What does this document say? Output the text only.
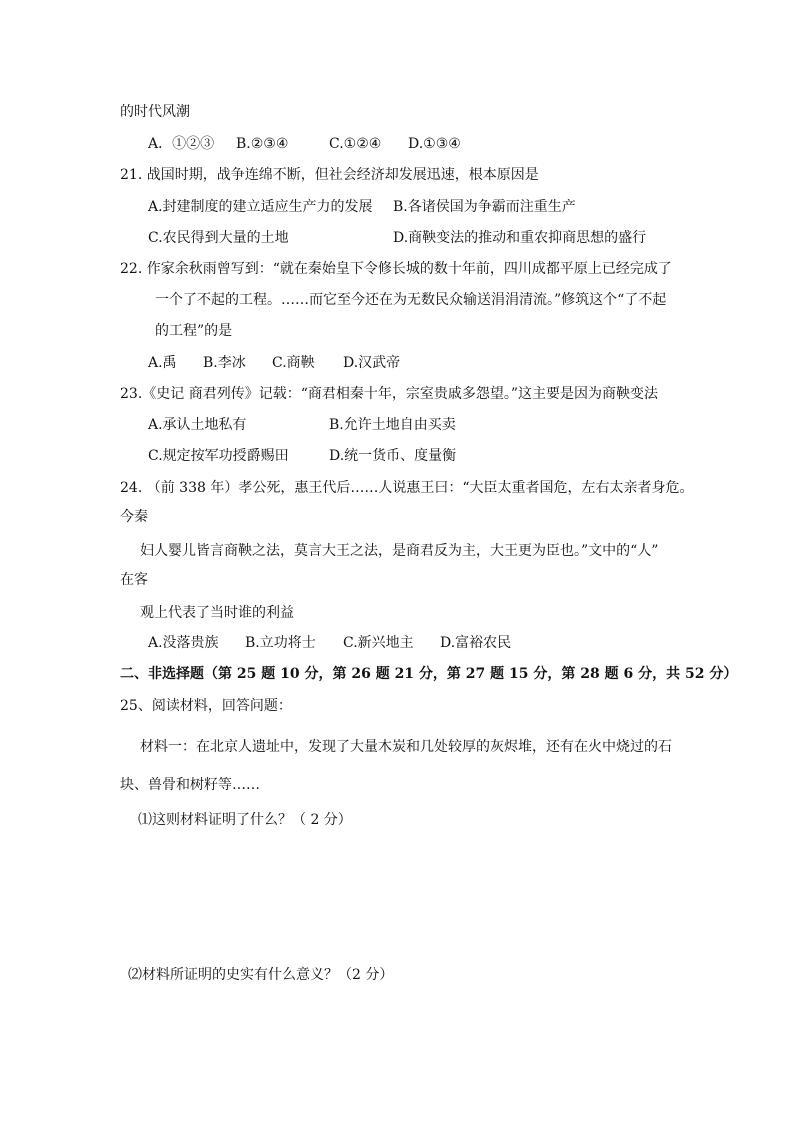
的时代风潮
A．①②③ B.②③④	C.①②④ D.①③④
21. 战国时期，战争连绵不断，但社会经济却发展迅速，根本原因是
A.封建制度的建立适应生产力的发展 B.各诸侯国为争霸而注重生产
C.农民得到大量的土地	D.商鞅变法的推动和重农抑商思想的盛行
22. 作家余秋雨曾写到：“就在秦始皇下令修长城的数十年前，四川成都平原上已经完成了
一个了不起的工程。……而它至今还在为无数民众输送涓涓清流。”修筑这个“了不起
的工程”的是
A.禹 B.李冰 C.商鞅 D.汉武帝
23.《史记 商君列传》记载：“商君相秦十年，宗室贵戚多怨望。”这主要是因为商鞅变法
A.承认土地私有	B.允许土地自由买卖
C.规定按军功授爵赐田	D.统一货币、度量衡
24. （前 338 年）孝公死，惠王代后……人说惠王曰：“大臣太重者国危，左右太亲者身危。
今秦
妇人婴儿皆言商鞅之法，莫言大王之法，是商君反为主，大王更为臣也。”文中的“人”
在客
观上代表了当时谁的利益
A.没落贵族 B.立功将士 C.新兴地主 D.富裕农民
二、非选择题（第 25 题 10 分，第 26 题 21 分，第 27 题 15 分，第 28 题 6 分，共 52 分）
25、阅读材料，回答问题：
材料一：在北京人遗址中，发现了大量木炭和几处较厚的灰烬堆，还有在火中烧过的石
块、兽骨和树籽等……
⑴这则材料证明了什么？（ 2 分）
⑵材料所证明的史实有什么意义？（2 分）
